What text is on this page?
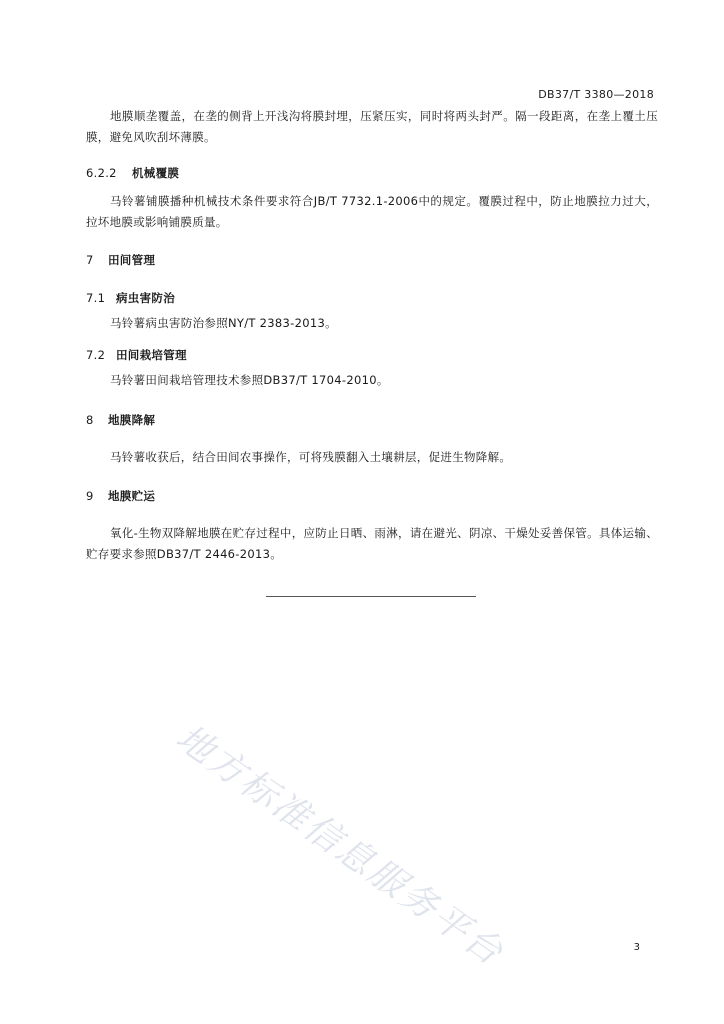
DB37/T 3380—2018

地膜顺垄覆盖，在垄的侧背上开浅沟将膜封埋，压紧压实，同时将两头封严。隔一段距离，在垄上覆土压膜，避免风吹刮坏薄膜。

6.2.2 机械覆膜

马铃薯铺膜播种机械技术条件要求符合JB/T 7732.1-2006中的规定。覆膜过程中，防止地膜拉力过大，拉坏地膜或影响铺膜质量。

7 田间管理
7.1 病虫害防治

马铃薯病虫害防治参照NY/T 2383-2013。

7.2 田间栽培管理

马铃薯田间栽培管理技术参照DB37/T 1704-2010。

8 地膜降解

马铃薯收获后，结合田间农事操作，可将残膜翻入土壤耕层，促进生物降解。

9 地膜贮运

氧化-生物双降解地膜在贮存过程中，应防止日晒、雨淋，请在避光、阴凉、干燥处妥善保管。具体运输、贮存要求参照DB37/T 2446-2013。

地方标准信息服务平台	3
